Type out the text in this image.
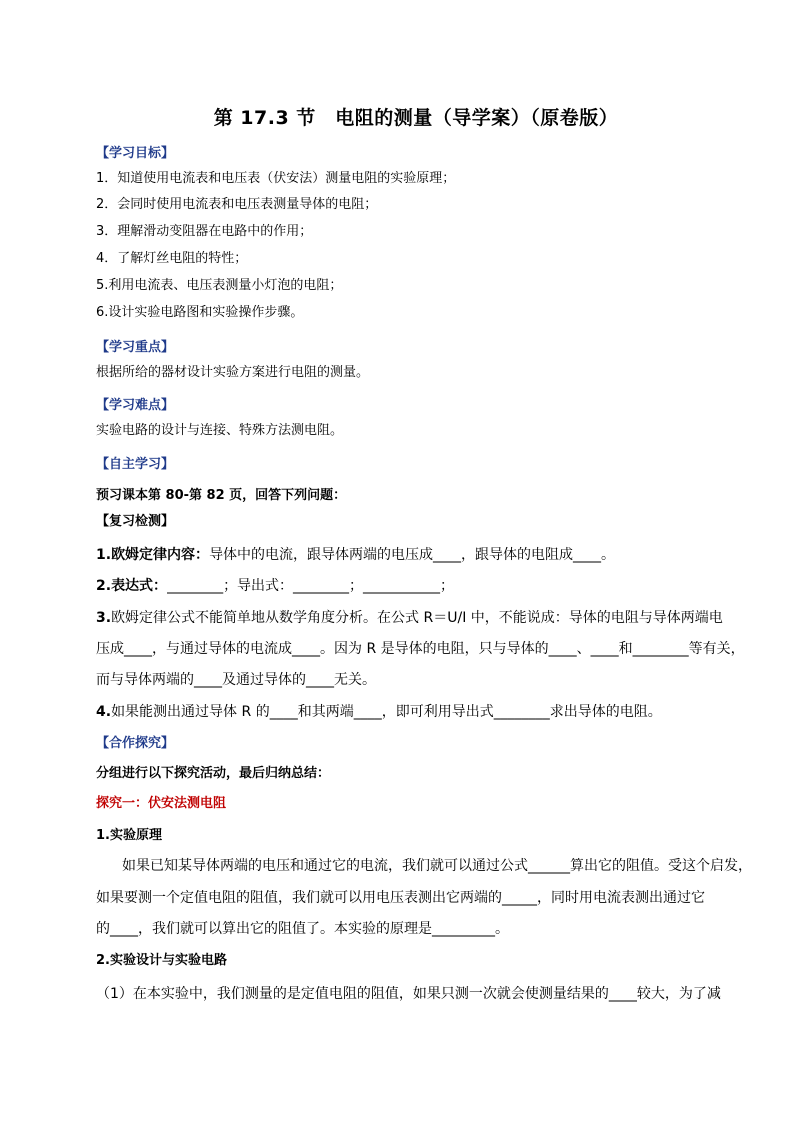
第 17.3 节　电阻的测量（导学案）（原卷版）
【学习目标】
1．知道使用电流表和电压表（伏安法）测量电阻的实验原理；
2．会同时使用电流表和电压表测量导体的电阻；
3．理解滑动变阻器在电路中的作用；
4．了解灯丝电阻的特性；
5.利用电流表、电压表测量小灯泡的电阻；
6.设计实验电路图和实验操作步骤。
【学习重点】
根据所给的器材设计实验方案进行电阻的测量。
【学习难点】
实验电路的设计与连接、特殊方法测电阻。
【自主学习】
预习课本第 80-第 82 页，回答下列问题：
【复习检测】
1.欧姆定律内容：导体中的电流，跟导体两端的电压成____，跟导体的电阻成____。
2.表达式：________；导出式：________；___________；
3.欧姆定律公式不能简单地从数学角度分析。在公式 R＝U/I 中，不能说成：导体的电阻与导体两端电
压成____，与通过导体的电流成____。因为 R 是导体的电阻，只与导体的____、____和________等有关，
而与导体两端的____及通过导体的____无关。
4.如果能测出通过导体 R 的____和其两端____，即可利用导出式________求出导体的电阻。
【合作探究】
分组进行以下探究活动，最后归纳总结：
探究一：伏安法测电阻
1.实验原理
如果已知某导体两端的电压和通过它的电流，我们就可以通过公式______算出它的阻值。受这个启发，
如果要测一个定值电阻的阻值，我们就可以用电压表测出它两端的_____，同时用电流表测出通过它
的____，我们就可以算出它的阻值了。本实验的原理是_________。
2.实验设计与实验电路
（1）在本实验中，我们测量的是定值电阻的阻值，如果只测一次就会使测量结果的____较大，为了减
